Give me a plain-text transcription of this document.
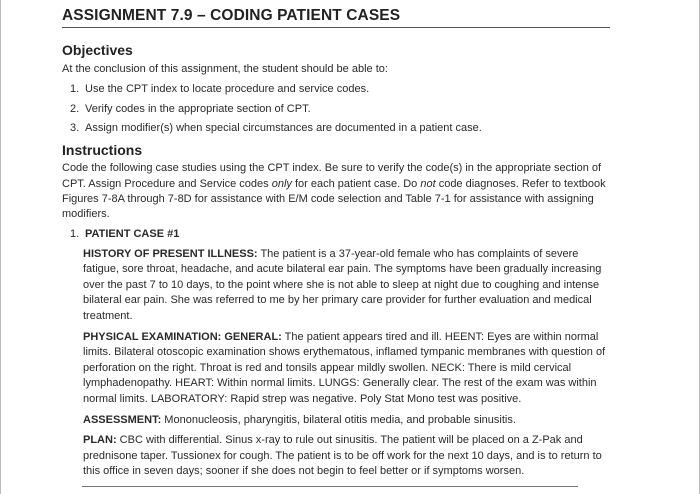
ASSIGNMENT 7.9 – CODING PATIENT CASES
Objectives
At the conclusion of this assignment, the student should be able to:
1. Use the CPT index to locate procedure and service codes.
2. Verify codes in the appropriate section of CPT.
3. Assign modifier(s) when special circumstances are documented in a patient case.
Instructions
Code the following case studies using the CPT index. Be sure to verify the code(s) in the appropriate section of CPT. Assign Procedure and Service codes only for each patient case. Do not code diagnoses. Refer to textbook Figures 7-8A through 7-8D for assistance with E/M code selection and Table 7-1 for assistance with assigning modifiers.
1. PATIENT CASE #1
HISTORY OF PRESENT ILLNESS: The patient is a 37-year-old female who has complaints of severe fatigue, sore throat, headache, and acute bilateral ear pain. The symptoms have been gradually increasing over the past 7 to 10 days, to the point where she is not able to sleep at night due to coughing and intense bilateral ear pain. She was referred to me by her primary care provider for further evaluation and medical treatment.
PHYSICAL EXAMINATION: GENERAL: The patient appears tired and ill. HEENT: Eyes are within normal limits. Bilateral otoscopic examination shows erythematous, inflamed tympanic membranes with question of perforation on the right. Throat is red and tonsils appear mildly swollen. NECK: There is mild cervical lymphadenopathy. HEART: Within normal limits. LUNGS: Generally clear. The rest of the exam was within normal limits. LABORATORY: Rapid strep was negative. Poly Stat Mono test was positive.
ASSESSMENT: Mononucleosis, pharyngitis, bilateral otitis media, and probable sinusitis.
PLAN: CBC with differential. Sinus x-ray to rule out sinusitis. The patient will be placed on a Z-Pak and prednisone taper. Tussionex for cough. The patient is to be off work for the next 10 days, and is to return to this office in seven days; sooner if she does not begin to feel better or if symptoms worsen.
